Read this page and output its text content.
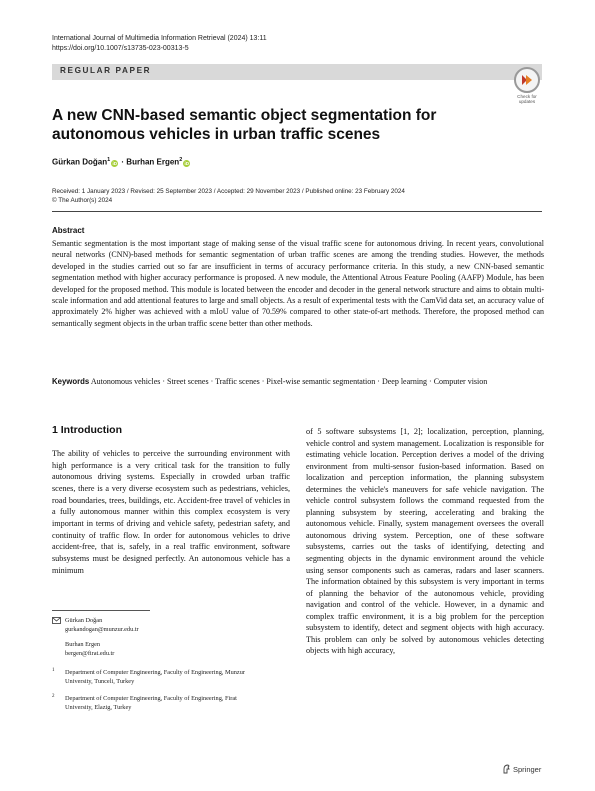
International Journal of Multimedia Information Retrieval (2024) 13:11
https://doi.org/10.1007/s13735-023-00313-5
REGULAR PAPER
Check for
updates
A new CNN-based semantic object segmentation for autonomous vehicles in urban traffic scenes
Gürkan Doğan$^1$iD · Burhan Ergen$^2$iD
Received: 1 January 2023 / Revised: 25 September 2023 / Accepted: 29 November 2023 / Published online: 23 February 2024
© The Author(s) 2024
Abstract
Semantic segmentation is the most important stage of making sense of the visual traffic scene for autonomous driving. In recent years, convolutional neural networks (CNN)-based methods for semantic segmentation of urban traffic scenes are among the trending studies. However, the methods developed in the studies carried out so far are insufficient in terms of accuracy performance criteria. In this study, a new CNN-based semantic segmentation method with higher accuracy performance is proposed. A new module, the Attentional Atrous Feature Pooling (AAFP) Module, has been developed for the proposed method. This module is located between the encoder and decoder in the general network structure and aims to obtain multi-scale information and add attentional features to large and small objects. As a result of experimental tests with the CamVid data set, an accuracy value of approximately 2% higher was achieved with a mIoU value of 70.59% compared to other state-of-art methods. Therefore, the proposed method can semantically segment objects in the urban traffic scene better than other methods.
Keywords Autonomous vehicles · Street scenes · Traffic scenes · Pixel-wise semantic segmentation · Deep learning · Computer vision
1 Introduction
The ability of vehicles to perceive the surrounding environment with high performance is a very critical task for the transition to fully autonomous driving systems. Especially in crowded urban traffic scenes, there is a very diverse ecosystem such as pedestrians, vehicles, road boundaries, trees, buildings, etc. Accident-free travel of vehicles in a fully autonomous manner within this complex ecosystem is very important in terms of driving and vehicle safety, pedestrian safety, and continuity of traffic flow. In order for autonomous vehicles to drive accident-free, that is, safely, in a real traffic environment, software subsystems must be designed perfectly. An autonomous vehicle has a minimum
of 5 software subsystems [1, 2]; localization, perception, planning, vehicle control and system management. Localization is responsible for estimating vehicle location. Perception derives a model of the driving environment from multi-sensor fusion-based information. Based on localization and perception information, the planning subsystem determines the vehicle's maneuvers for safe vehicle navigation. The vehicle control subsystem follows the command requested from the planning subsystem by steering, accelerating and braking the autonomous vehicle. Finally, system management oversees the overall autonomous driving system. Perception, one of these software subsystems, carries out the tasks of identifying, detecting and segmenting objects in the dynamic environment around the vehicle using sensor components such as cameras, radars and laser scanners. The information obtained by this subsystem is very important in terms of planning the behavior of the autonomous vehicle, providing navigation and control of the vehicle. However, in a dynamic and complex traffic environment, it is a big problem for the perception subsystem to identify, detect and segment objects with high accuracy. This problem can only be solved by autonomous vehicles detecting objects with high accuracy,
Gürkan Doğan
gurkandogan@munzur.edu.tr
Burhan Ergen
bergen@firat.edu.tr
1 Department of Computer Engineering, Faculty of Engineering, Munzur University, Tunceli, Turkey
2 Department of Computer Engineering, Faculty of Engineering, Firat University, Elazig, Turkey
Springer
